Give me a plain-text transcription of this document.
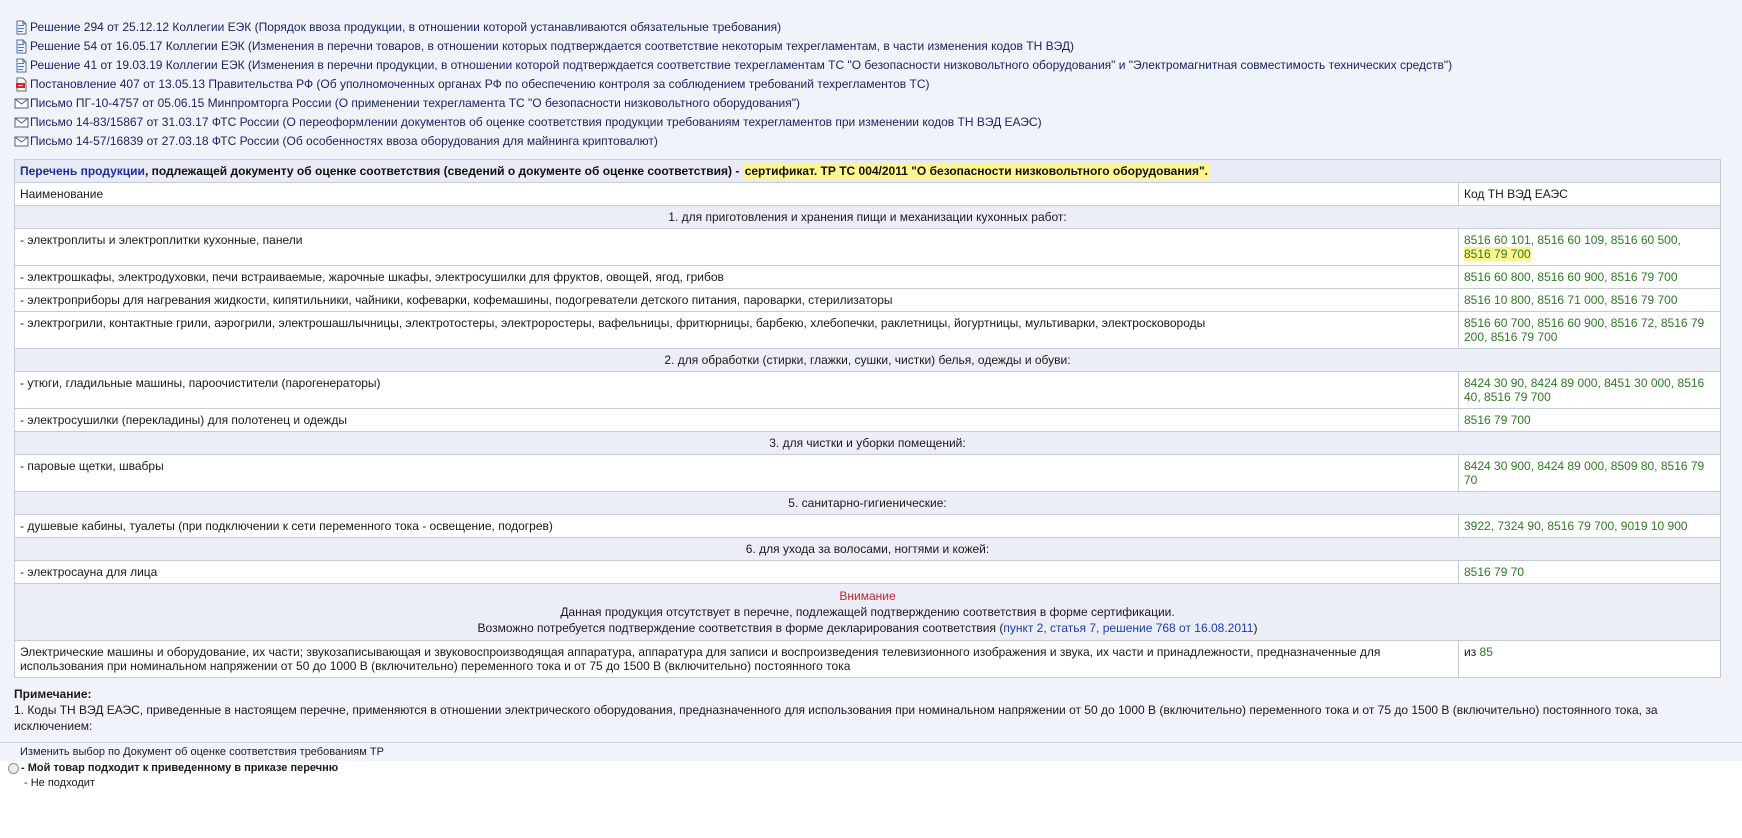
Решение 294 от 25.12.12 Коллегии ЕЭК (Порядок ввоза продукции, в отношении которой устанавливаются обязательные требования)
Решение 54 от 16.05.17 Коллегии ЕЭК (Изменения в перечни товаров, в отношении которых подтверждается соответствие некоторым техрегламентам, в части изменения кодов ТН ВЭД)
Решение 41 от 19.03.19 Коллегии ЕЭК (Изменения в перечни продукции, в отношении которой подтверждается соответствие техрегламентам ТС "О безопасности низковольтного оборудования" и "Электромагнитная совместимость технических средств")
Постановление 407 от 13.05.13 Правительства РФ (Об уполномоченных органах РФ по обеспечению контроля за соблюдением требований техрегламентов ТС)
Письмо ПГ-10-4757 от 05.06.15 Минпромторга России (О применении техрегламента ТС "О безопасности низковольтного оборудования")
Письмо 14-83/15867 от 31.03.17 ФТС России (О переоформлении документов об оценке соответствия продукции требованиям техрегламентов при изменении кодов ТН ВЭД ЕАЭС)
Письмо 14-57/16839 от 27.03.18 ФТС России (Об особенностях ввоза оборудования для майнинга криптовалют)
Перечень продукции, подлежащей документу об оценке соответствия (сведений о документе об оценке соответствия) - сертификат. ТР ТС 004/2011 "О безопасности низковольтного оборудования".	
Наименование	Код ТН ВЭД ЕАЭС
1. для приготовления и хранения пищи и механизации кухонных работ:	
- электроплиты и электроплитки кухонные, панели	8516 60 101, 8516 60 109, 8516 60 500,
8516 79 700
- электрошкафы, электродуховки, печи встраиваемые, жарочные шкафы, электросушилки для фруктов, овощей, ягод, грибов	8516 60 800, 8516 60 900, 8516 79 700
- электроприборы для нагревания жидкости, кипятильники, чайники, кофеварки, кофемашины, подогреватели детского питания, пароварки, стерилизаторы	8516 10 800, 8516 71 000, 8516 79 700
- электрогрили, контактные грили, аэрогрили, электрошашлычницы, электротостеры, электроростеры, вафельницы, фритюрницы, барбекю, хлебопечки, раклетницы, йогуртницы, мультиварки, электросковороды	8516 60 700, 8516 60 900, 8516 72, 8516 79 200, 8516 79 700
2. для обработки (стирки, глажки, сушки, чистки) белья, одежды и обуви:	
- утюги, гладильные машины, пароочистители (парогенераторы)	8424 30 90, 8424 89 000, 8451 30 000, 8516 40, 8516 79 700
- электросушилки (перекладины) для полотенец и одежды	8516 79 700
3. для чистки и уборки помещений:	
- паровые щетки, швабры	8424 30 900, 8424 89 000, 8509 80, 8516 79 70
5. санитарно-гигиенические:	
- душевые кабины, туалеты (при подключении к сети переменного тока - освещение, подогрев)	3922, 7324 90, 8516 79 700, 9019 10 900
6. для ухода за волосами, ногтями и кожей:	
- электросауна для лица	8516 79 70

Внимание
Данная продукция отсутствует в перечне, подлежащей подтверждению соответствия в форме сертификации.
Возможно потребуется подтверждение соответствия в форме декларирования соответствия (пункт 2, статья 7, решение 768 от 16.08.2011)	

Электрические машины и оборудование, их части; звукозаписывающая и звуковоспроизводящая аппаратура, аппаратура для записи и воспроизведения телевизионного изображения и звука, их части и принадлежности, предназначенные для использования при номинальном напряжении от 50 до 1000 В (включительно) переменного тока и от 75 до 1500 В (включительно) постоянного тока	из 85
Примечание:
1. Коды ТН ВЭД ЕАЭС, приведенные в настоящем перечне, применяются в отношении электрического оборудования, предназначенного для использования при номинальном напряжении от 50 до 1000 В (включительно) переменного тока и от 75 до 1500 В (включительно) постоянного тока, за исключением:
Изменить выбор по Документ об оценке соответствия требованиям ТР
- Мой товар подходит к приведенному в приказе перечню
- Не подходит
